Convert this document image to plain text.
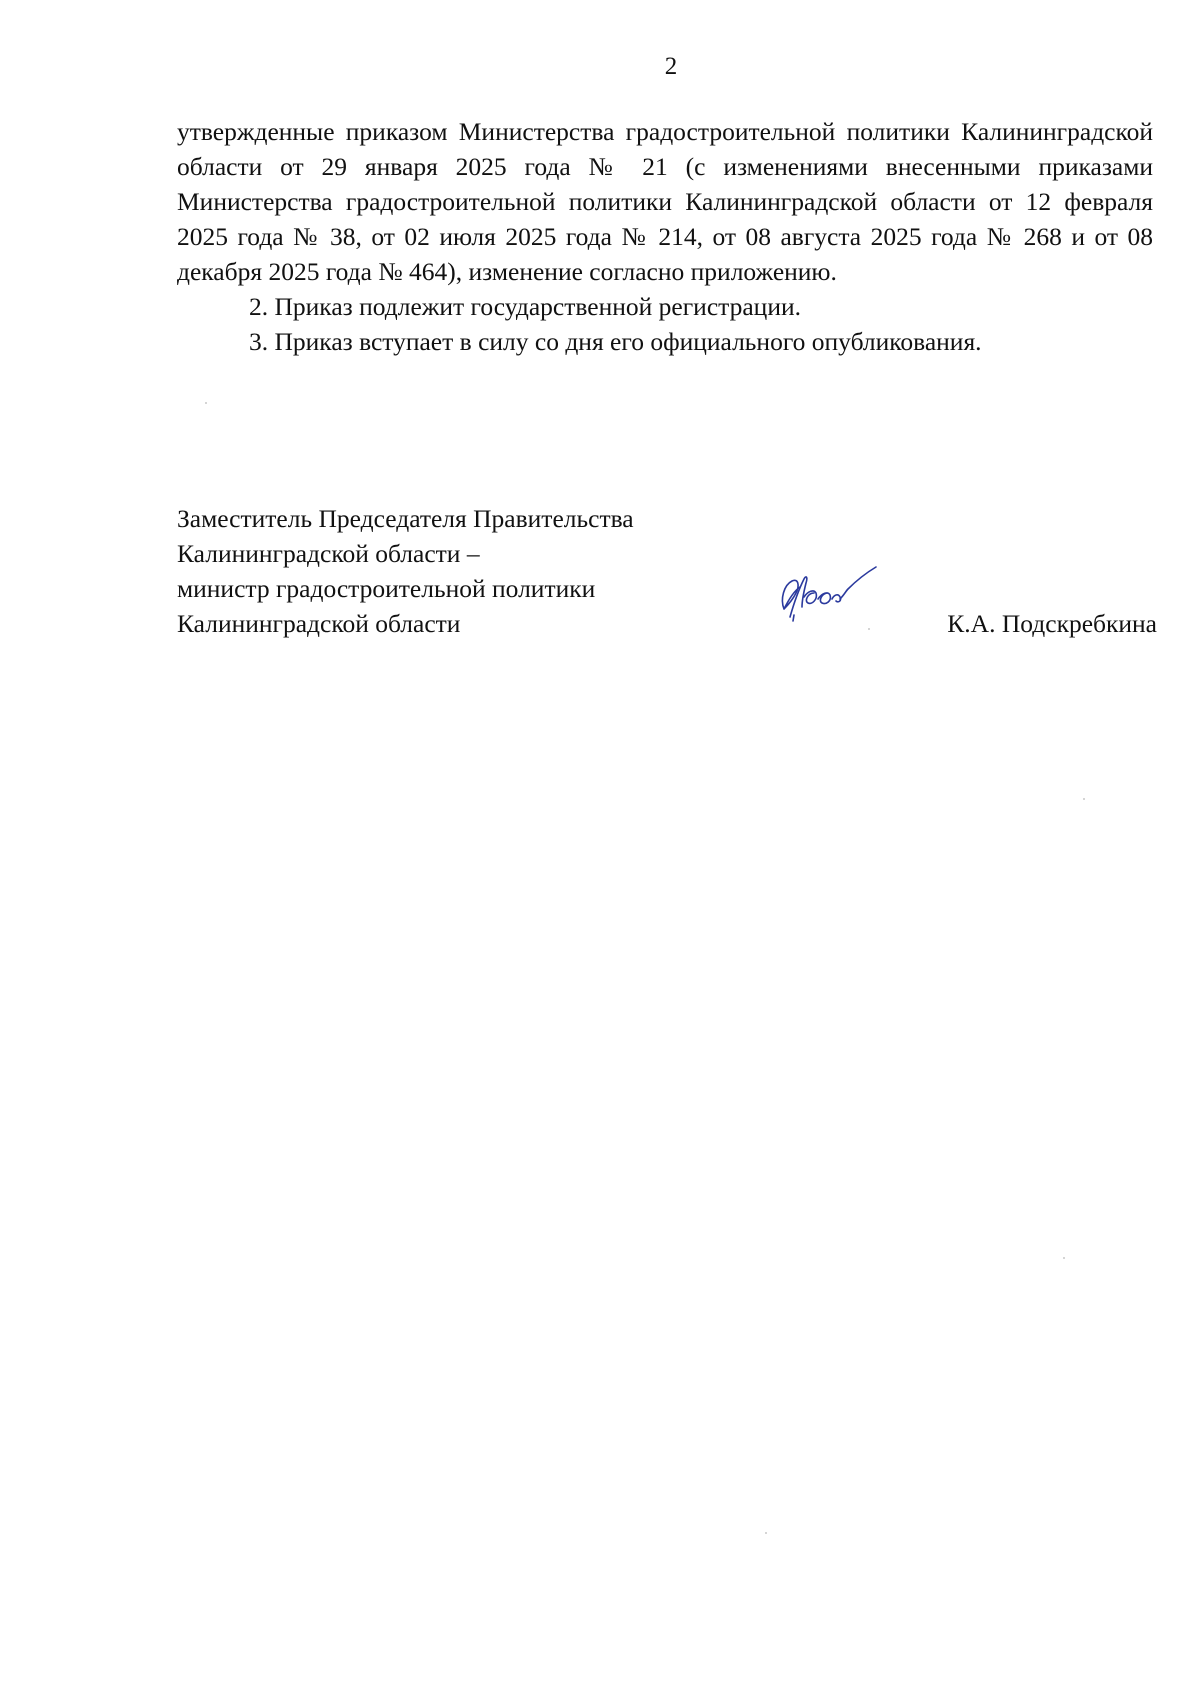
2

утвержденные приказом Министерства градостроительной политики Калининградской области от 29 января 2025 года № 21 (с изменениями внесенными приказами Министерства градостроительной политики Калининградской области от 12 февраля 2025 года № 38, от 02 июля 2025 года № 214, от 08 августа 2025 года № 268 и от 08 декабря 2025 года № 464), изменение согласно приложению.

2. Приказ подлежит государственной регистрации.

3. Приказ вступает в силу со дня его официального опубликования.

Заместитель Председателя Правительства
Калининградской области –
министр градостроительной политики
Калининградской области	К.А. Подскребкина
